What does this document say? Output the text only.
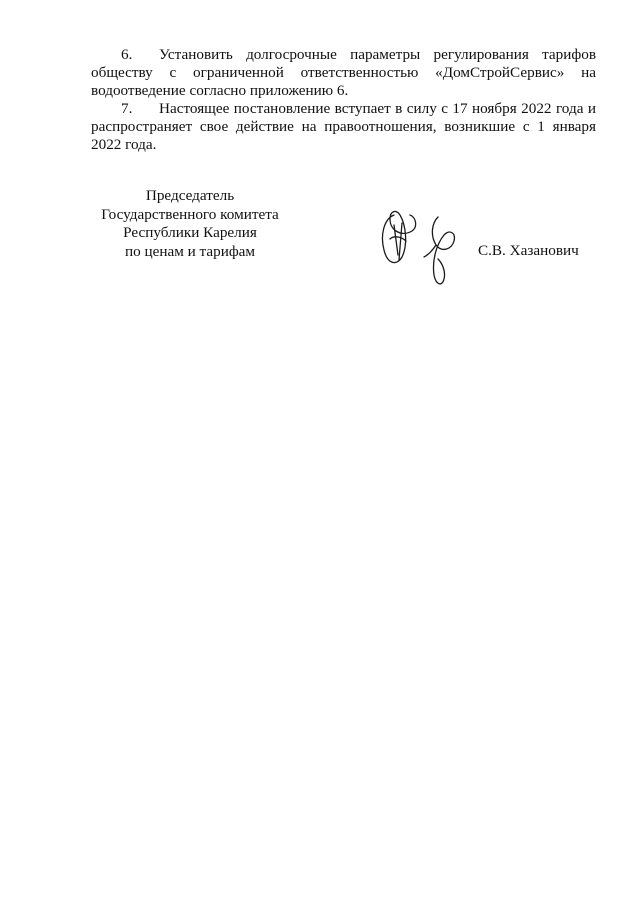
6. Установить долгосрочные параметры регулирования тарифов обществу с ограниченной ответственностью «ДомСтройСервис» на водоотведение согласно приложению 6.

7. Настоящее постановление вступает в силу с 17 ноября 2022 года и распространяет свое действие на правоотношения, возникшие с 1 января 2022 года.

Председатель
Государственного комитета
Республики Карелия
по ценам и тарифам	С.В. Хазанович
